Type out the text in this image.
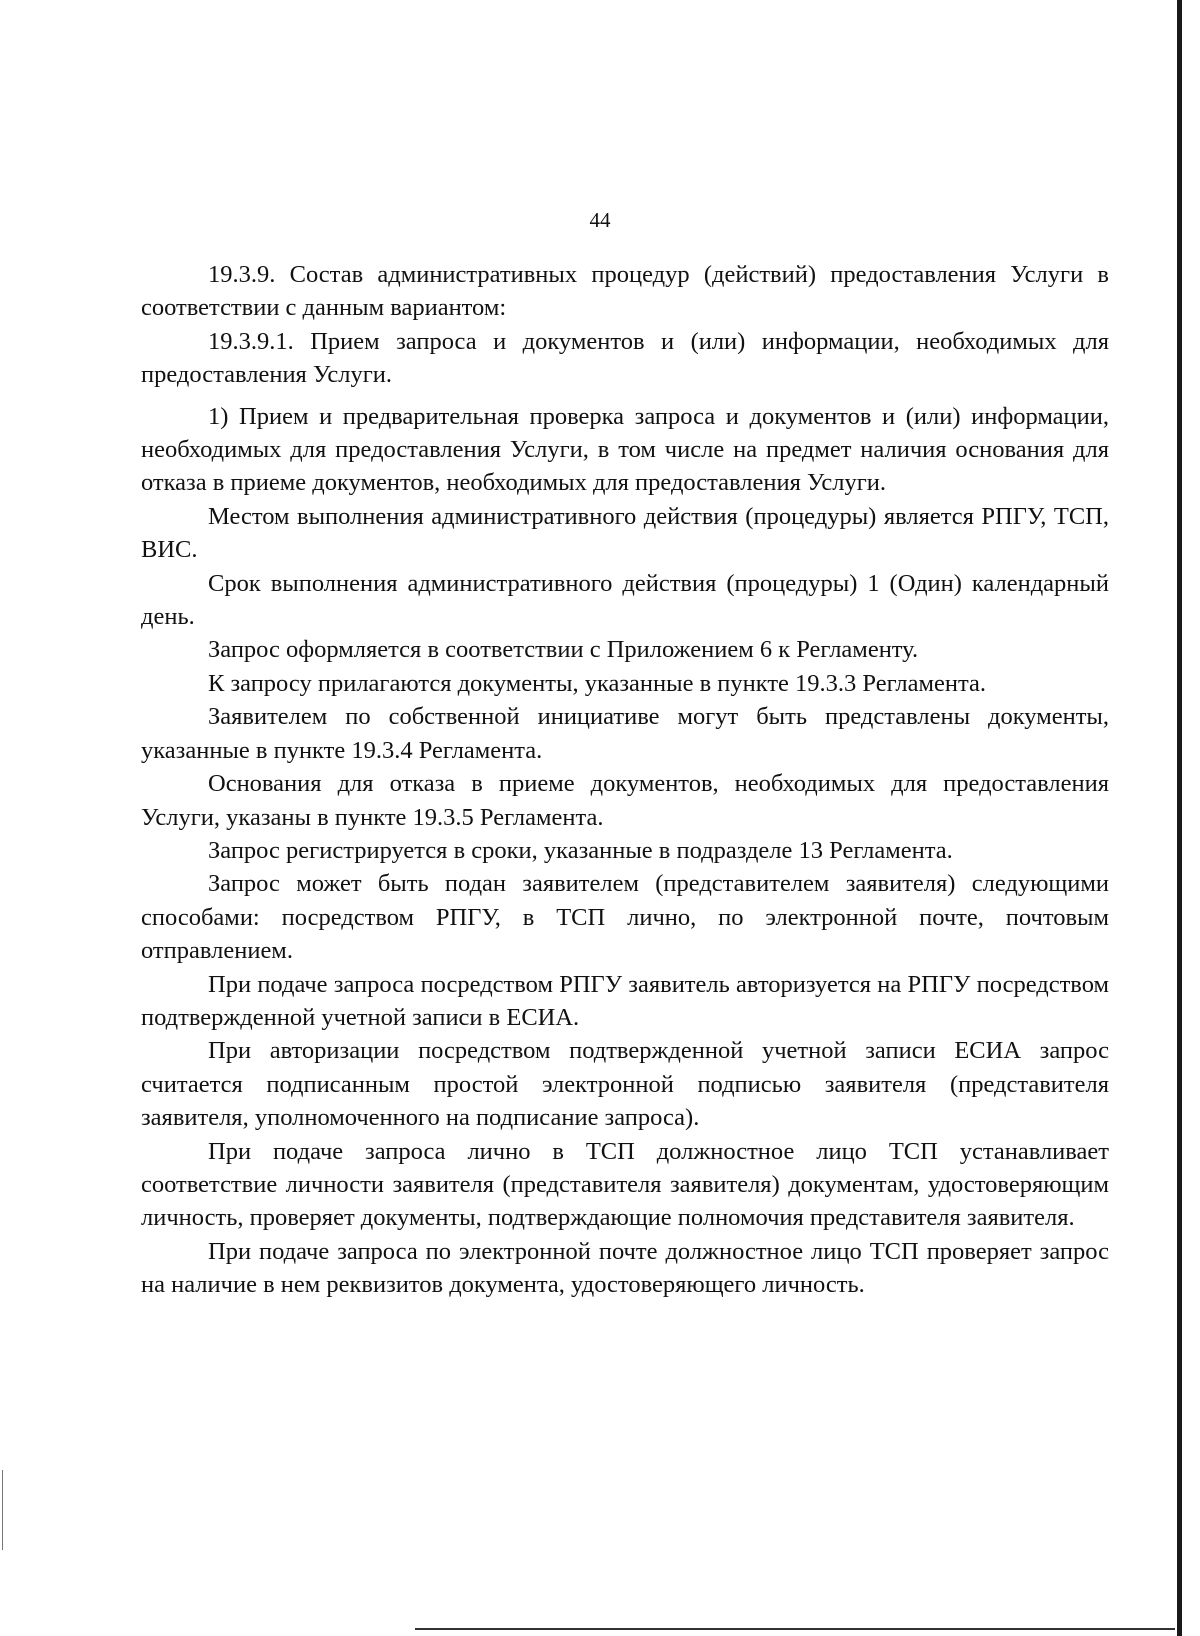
44

19.3.9. Состав административных процедур (действий) предоставления Услуги в соответствии с данным вариантом:

19.3.9.1. Прием запроса и документов и (или) информации, необходимых для предоставления Услуги.

1) Прием и предварительная проверка запроса и документов и (или) информации, необходимых для предоставления Услуги, в том числе на предмет наличия основания для отказа в приеме документов, необходимых для предоставления Услуги.

Местом выполнения административного действия (процедуры) является РПГУ, ТСП, ВИС.

Срок выполнения административного действия (процедуры) 1 (Один) календарный день.

Запрос оформляется в соответствии с Приложением 6 к Регламенту.

К запросу прилагаются документы, указанные в пункте 19.3.3 Регламента.

Заявителем по собственной инициативе могут быть представлены документы, указанные в пункте 19.3.4 Регламента.

Основания для отказа в приеме документов, необходимых для предоставления Услуги, указаны в пункте 19.3.5 Регламента.

Запрос регистрируется в сроки, указанные в подразделе 13 Регламента.

Запрос может быть подан заявителем (представителем заявителя) следующими способами: посредством РПГУ, в ТСП лично, по электронной почте, почтовым отправлением.

При подаче запроса посредством РПГУ заявитель авторизуется на РПГУ посредством подтвержденной учетной записи в ЕСИА.

При авторизации посредством подтвержденной учетной записи ЕСИА запрос считается подписанным простой электронной подписью заявителя (представителя заявителя, уполномоченного на подписание запроса).

При подаче запроса лично в ТСП должностное лицо ТСП устанавливает соответствие личности заявителя (представителя заявителя) документам, удостоверяющим личность, проверяет документы, подтверждающие полномочия представителя заявителя.

При подаче запроса по электронной почте должностное лицо ТСП проверяет запрос на наличие в нем реквизитов документа, удостоверяющего личность.
